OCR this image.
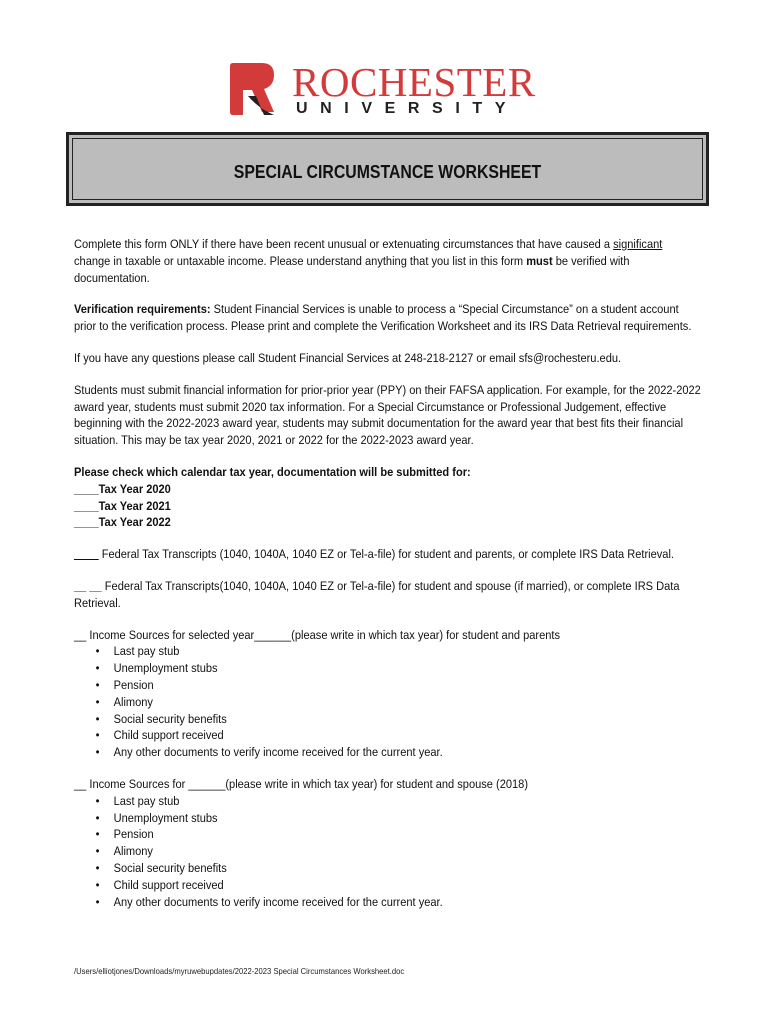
ROCHESTER
UNIVERSITY
SPECIAL CIRCUMSTANCE WORKSHEET

Complete this form ONLY if there have been recent unusual or extenuating circumstances that have caused a significant change in taxable or untaxable income. Please understand anything that you list in this form must be verified with documentation.

Verification requirements: Student Financial Services is unable to process a “Special Circumstance” on a student account prior to the verification process. Please print and complete the Verification Worksheet and its IRS Data Retrieval requirements.

If you have any questions please call Student Financial Services at 248-218-2127 or email sfs@rochesteru.edu.

Students must submit financial information for prior-prior year (PPY) on their FAFSA application. For example, for the 2022-2022 award year, students must submit 2020 tax information. For a Special Circumstance or Professional Judgement, effective beginning with the 2022-2023 award year, students may submit documentation for the award year that best fits their financial situation. This may be tax year 2020, 2021 or 2022 for the 2022-2023 award year.

Please check which calendar tax year, documentation will be submitted for:
____Tax Year 2020
____Tax Year 2021
____Tax Year 2022

____ Federal Tax Transcripts (1040, 1040A, 1040 EZ or Tel-a-file) for student and parents, or complete IRS Data Retrieval.

__ __ Federal Tax Transcripts(1040, 1040A, 1040 EZ or Tel-a-file) for student and spouse (if married), or complete IRS Data Retrieval.

__ Income Sources for selected year______(please write in which tax year) for student and parents
• Last pay stub
• Unemployment stubs
• Pension
• Alimony
• Social security benefits
• Child support received
• Any other documents to verify income received for the current year.
__ Income Sources for ______(please write in which tax year) for student and spouse (2018)
• Last pay stub
• Unemployment stubs
• Pension
• Alimony
• Social security benefits
• Child support received
• Any other documents to verify income received for the current year.
/Users/elliotjones/Downloads/myruwebupdates/2022-2023 Special Circumstances Worksheet.doc
